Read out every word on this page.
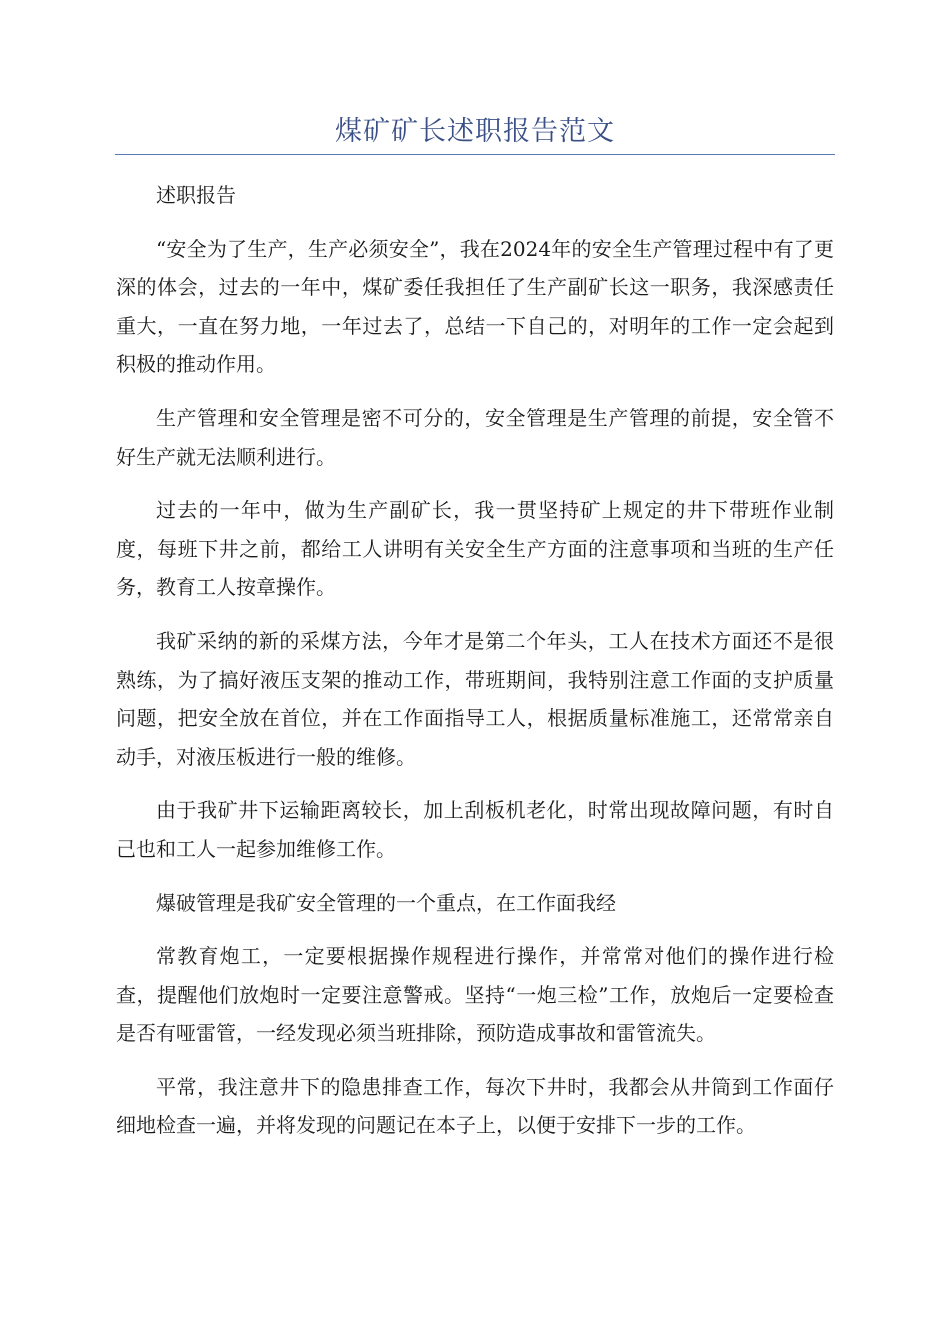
煤矿矿长述职报告范文

述职报告

“安全为了生产，生产必须安全”，我在2024年的安全生产管理过程中有了更深的体会，过去的一年中，煤矿委任我担任了生产副矿长这一职务，我深感责任重大，一直在努力地，一年过去了，总结一下自己的，对明年的工作一定会起到积极的推动作用。

生产管理和安全管理是密不可分的，安全管理是生产管理的前提，安全管不好生产就无法顺利进行。

过去的一年中，做为生产副矿长，我一贯坚持矿上规定的井下带班作业制度，每班下井之前，都给工人讲明有关安全生产方面的注意事项和当班的生产任务，教育工人按章操作。

我矿采纳的新的采煤方法，今年才是第二个年头，工人在技术方面还不是很熟练，为了搞好液压支架的推动工作，带班期间，我特别注意工作面的支护质量问题，把安全放在首位，并在工作面指导工人，根据质量标准施工，还常常亲自动手，对液压板进行一般的维修。

由于我矿井下运输距离较长，加上刮板机老化，时常出现故障问题，有时自己也和工人一起参加维修工作。

爆破管理是我矿安全管理的一个重点，在工作面我经

常教育炮工，一定要根据操作规程进行操作，并常常对他们的操作进行检查，提醒他们放炮时一定要注意警戒。坚持“一炮三检”工作，放炮后一定要检查是否有哑雷管，一经发现必须当班排除，预防造成事故和雷管流失。

平常，我注意井下的隐患排查工作，每次下井时，我都会从井筒到工作面仔细地检查一遍，并将发现的问题记在本子上，以便于安排下一步的工作。
